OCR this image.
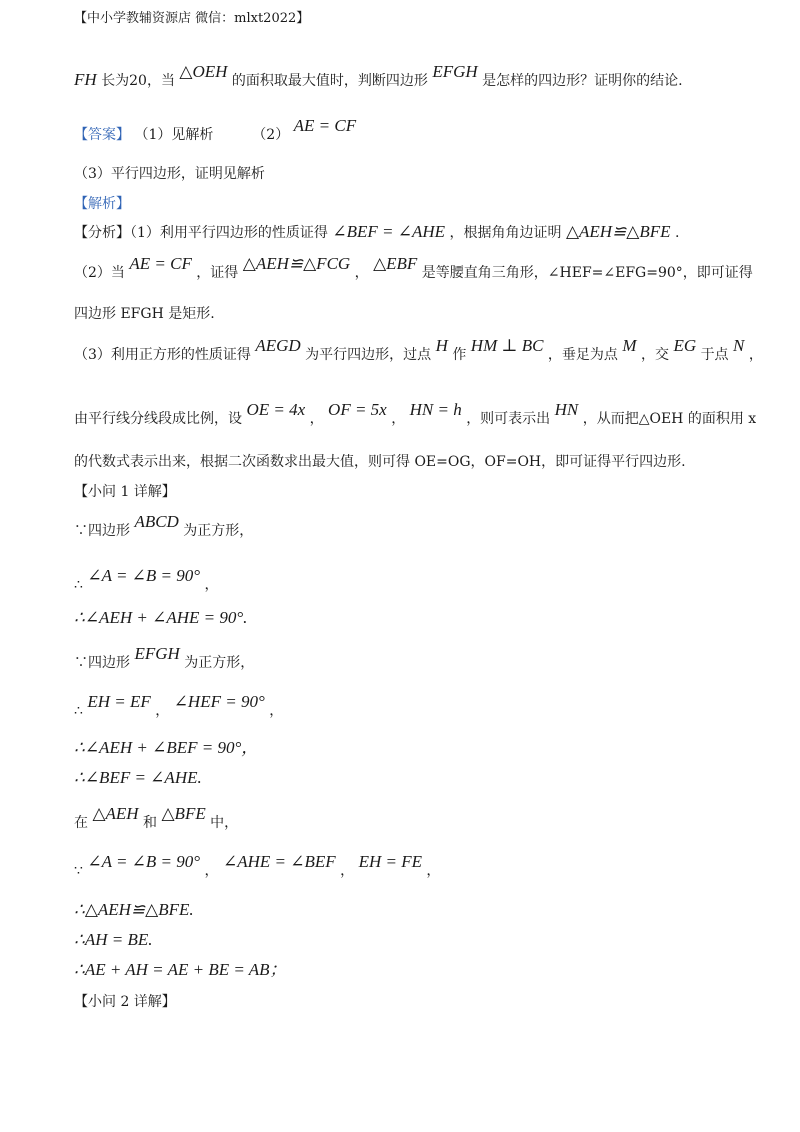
【中小学教辅资源店 微信：mlxt2022】
FH 长为20，当 △OEH 的面积取最大值时，判断四边形 EFGH 是怎样的四边形？证明你的结论.
【答案】 （1）见解析	（2） AE = CF
（3）平行四边形，证明见解析
【解析】
【分析】（1）利用平行四边形的性质证得 ∠BEF = ∠AHE ，根据角角边证明 △AEH≌△BFE .
（2）当 AE = CF ，证得 △AEH≌△FCG ， △EBF 是等腰直角三角形，∠HEF=∠EFG=90°，即可证得
四边形 EFGH 是矩形.
（3）利用正方形的性质证得 AEGD 为平行四边形，过点 H 作 HM ⊥ BC ，垂足为点 M ，交 EG 于点 N ，
由平行线分线段成比例，设 OE = 4x ， OF = 5x ， HN = h ，则可表示出 HN ，从而把△OEH 的面积用 x
的代数式表示出来，根据二次函数求出最大值，则可得 OE=OG，OF=OH，即可证得平行四边形.
【小问 1 详解】
∵四边形 ABCD 为正方形，
∴ ∠A = ∠B = 90° ，
∴∠AEH + ∠AHE = 90°.
∵四边形 EFGH 为正方形，
∴ EH = EF ， ∠HEF = 90° ，
∴∠AEH + ∠BEF = 90°，
∴∠BEF = ∠AHE.
在 △AEH 和 △BFE 中，
∵ ∠A = ∠B = 90° ， ∠AHE = ∠BEF ， EH = FE ，
∴△AEH≌△BFE.
∴AH = BE.
∴AE + AH = AE + BE = AB；
【小问 2 详解】
